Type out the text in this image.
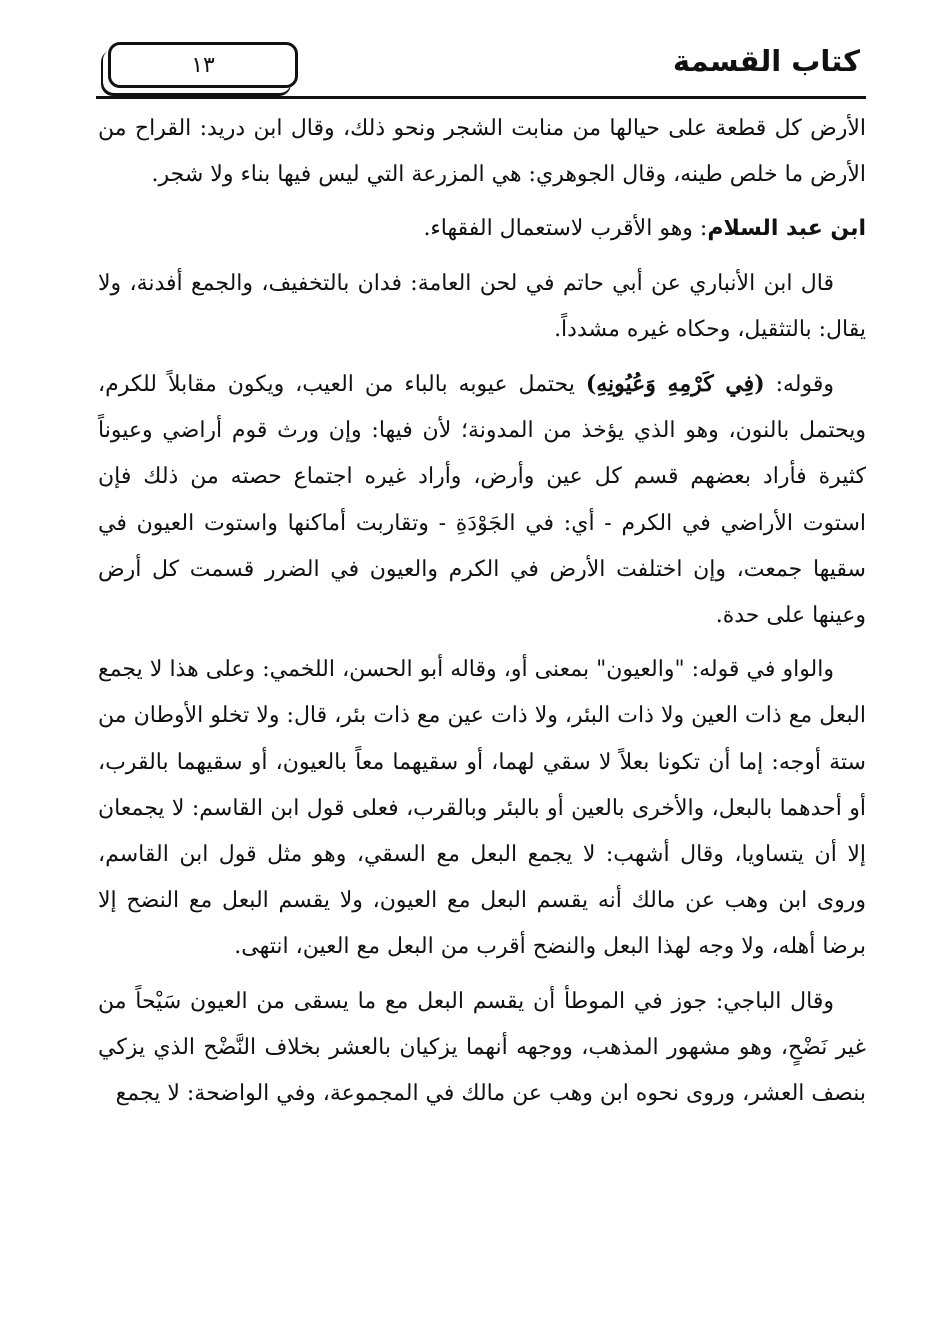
١٣	كتاب القسمة

الأرض كل قطعة على حيالها من منابت الشجر ونحو ذلك، وقال ابن دريد: القراح من الأرض ما خلص طينه، وقال الجوهري: هي المزرعة التي ليس فيها بناء ولا شجر.

ابن عبد السلام: وهو الأقرب لاستعمال الفقهاء.

قال ابن الأنباري عن أبي حاتم في لحن العامة: فدان بالتخفيف، والجمع أفدنة، ولا يقال: بالتثقيل، وحكاه غيره مشدداً.

وقوله: (فِي كَرْمِهِ وَعُيُونِهِ) يحتمل عيوبه بالباء من العيب، ويكون مقابلاً للكرم، ويحتمل بالنون، وهو الذي يؤخذ من المدونة؛ لأن فيها: وإن ورث قوم أراضي وعيوناً كثيرة فأراد بعضهم قسم كل عين وأرض، وأراد غيره اجتماع حصته من ذلك فإن استوت الأراضي في الكرم - أي: في الجَوْدَةِ - وتقاربت أماكنها واستوت العيون في سقيها جمعت، وإن اختلفت الأرض في الكرم والعيون في الضرر قسمت كل أرض وعينها على حدة.

والواو في قوله: "والعيون" بمعنى أو، وقاله أبو الحسن، اللخمي: وعلى هذا لا يجمع البعل مع ذات العين ولا ذات البئر، ولا ذات عين مع ذات بئر، قال: ولا تخلو الأوطان من ستة أوجه: إما أن تكونا بعلاً لا سقي لهما، أو سقيهما معاً بالعيون، أو سقيهما بالقرب، أو أحدهما بالبعل، والأخرى بالعين أو بالبئر وبالقرب، فعلى قول ابن القاسم: لا يجمعان إلا أن يتساويا، وقال أشهب: لا يجمع البعل مع السقي، وهو مثل قول ابن القاسم، وروى ابن وهب عن مالك أنه يقسم البعل مع العيون، ولا يقسم البعل مع النضح إلا برضا أهله، ولا وجه لهذا البعل والنضح أقرب من البعل مع العين، انتهى.

وقال الباجي: جوز في الموطأ أن يقسم البعل مع ما يسقى من العيون سَيْحاً من غير نَضْحٍ، وهو مشهور المذهب، ووجهه أنهما يزكيان بالعشر بخلاف النَّضْح الذي يزكي بنصف العشر، وروى نحوه ابن وهب عن مالك في المجموعة، وفي الواضحة: لا يجمع
